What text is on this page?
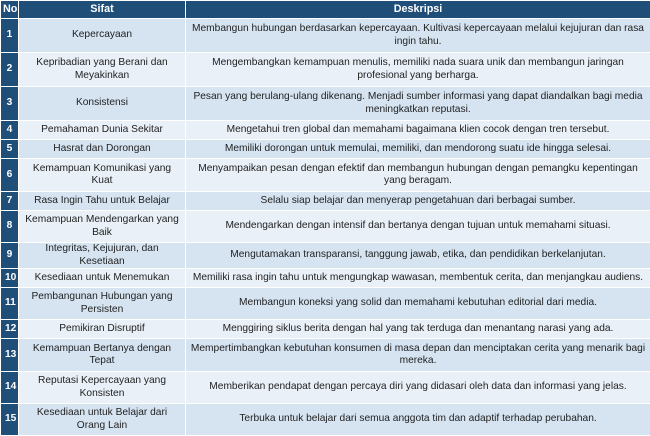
No	Sifat	Deskripsi
1	Kepercayaan	Membangun hubungan berdasarkan kepercayaan. Kultivasi kepercayaan melalui kejujuran dan rasa ingin tahu.
2	Kepribadian yang Berani dan Meyakinkan	Mengembangkan kemampuan menulis, memiliki nada suara unik dan membangun jaringan profesional yang berharga.
3	Konsistensi	Pesan yang berulang-ulang dikenang. Menjadi sumber informasi yang dapat diandalkan bagi media meningkatkan reputasi.
4	Pemahaman Dunia Sekitar	Mengetahui tren global dan memahami bagaimana klien cocok dengan tren tersebut.
5	Hasrat dan Dorongan	Memiliki dorongan untuk memulai, memiliki, dan mendorong suatu ide hingga selesai.
6	Kemampuan Komunikasi yang Kuat	Menyampaikan pesan dengan efektif dan membangun hubungan dengan pemangku kepentingan yang beragam.
7	Rasa Ingin Tahu untuk Belajar	Selalu siap belajar dan menyerap pengetahuan dari berbagai sumber.
8	Kemampuan Mendengarkan yang Baik	Mendengarkan dengan intensif dan bertanya dengan tujuan untuk memahami situasi.
9	Integritas, Kejujuran, dan Kesetiaan	Mengutamakan transparansi, tanggung jawab, etika, dan pendidikan berkelanjutan.
10	Kesediaan untuk Menemukan	Memiliki rasa ingin tahu untuk mengungkap wawasan, membentuk cerita, dan menjangkau audiens.
11	Pembangunan Hubungan yang Persisten	Membangun koneksi yang solid dan memahami kebutuhan editorial dari media.
12	Pemikiran Disruptif	Menggiring siklus berita dengan hal yang tak terduga dan menantang narasi yang ada.
13	Kemampuan Bertanya dengan Tepat	Mempertimbangkan kebutuhan konsumen di masa depan dan menciptakan cerita yang menarik bagi mereka.
14	Reputasi Kepercayaan yang Konsisten	Memberikan pendapat dengan percaya diri yang didasari oleh data dan informasi yang jelas.
15	Kesediaan untuk Belajar dari Orang Lain	Terbuka untuk belajar dari semua anggota tim dan adaptif terhadap perubahan.
